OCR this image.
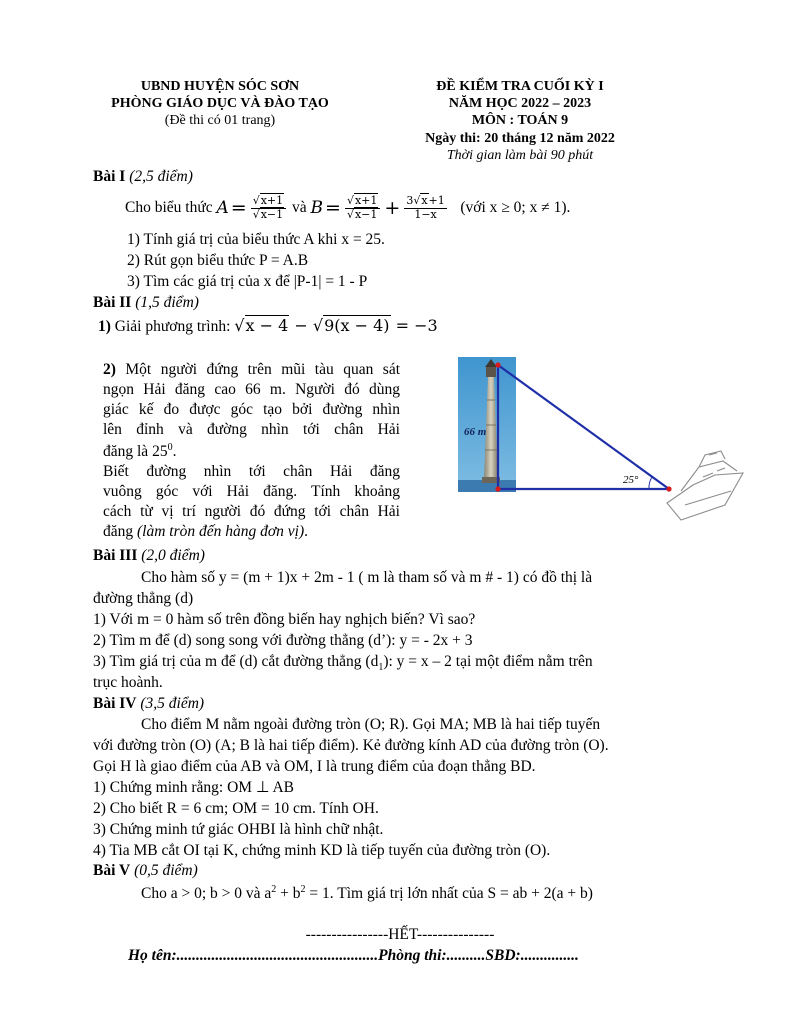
UBND HUYỆN SÓC SƠN
PHÒNG GIÁO DỤC VÀ ĐÀO TẠO
(Đề thi có 01 trang)
ĐỀ KIỂM TRA CUỐI KỲ I
NĂM HỌC 2022 – 2023
MÔN : TOÁN 9
Ngày thi: 20 tháng 12 năm 2022
Thời gian làm bài 90 phút
Bài I (2,5 điểm)
Cho biểu thức
$A = \frac{√x+1}{√x-1}$
và
$B = \frac{√x+1}{√x-1} + \frac{3√x+1}{1-x}$
(với x ≥ 0; x ≠ 1).
1) Tính giá trị của biểu thức A khi x = 25.
2) Rút gọn biểu thức P = A.B
3) Tìm các giá trị của x để |P-1| = 1 - P
Bài II (1,5 điểm)
1) Giải phương trình: √x − 4 − √9(x − 4) = −3
2) Một người đứng trên mũi tàu quan sát
ngọn Hải đăng cao 66 m. Người đó dùng
giác kế đo được góc tạo bởi đường nhìn
lên đỉnh và đường nhìn tới chân Hải
đăng là $25^0$.
Biết đường nhìn tới chân Hải đăng
vuông góc với Hải đăng. Tính khoảng
cách từ vị trí người đó đứng tới chân Hải
đăng (làm tròn đến hàng đơn vị).
66 m
25°
Bài III (2,0 điểm)
Cho hàm số y = (m + 1)x + 2m - 1 ( m là tham số và m # - 1) có đồ thị là
đường thẳng (d)
1) Với m = 0 hàm số trên đồng biến hay nghịch biến? Vì sao?
2) Tìm m để (d) song song với đường thẳng (d’): y = - 2x + 3
3) Tìm giá trị của m để (d) cắt đường thẳng $(d_1)$: y = x – 2 tại một điểm nằm trên
trục hoành.
Bài IV (3,5 điểm)
Cho điểm M nằm ngoài đường tròn (O; R). Gọi MA; MB là hai tiếp tuyến
với đường tròn (O) (A; B là hai tiếp điểm). Kẻ đường kính AD của đường tròn (O).
Gọi H là giao điểm của AB và OM, I là trung điểm của đoạn thẳng BD.
1) Chứng minh rằng: OM ⊥ AB
2) Cho biết R = 6 cm; OM = 10 cm. Tính OH.
3) Chứng minh tứ giác OHBI là hình chữ nhật.
4) Tia MB cắt OI tại K, chứng minh KD là tiếp tuyến của đường tròn (O).
Bài V (0,5 điểm)
Cho a > 0; b > 0 và $a^2 + b^2 = 1$. Tìm giá trị lớn nhất của S = ab + 2(a + b)
----------------HẾT---------------
Họ tên:....................................................Phòng thi:..........SBD:...............
